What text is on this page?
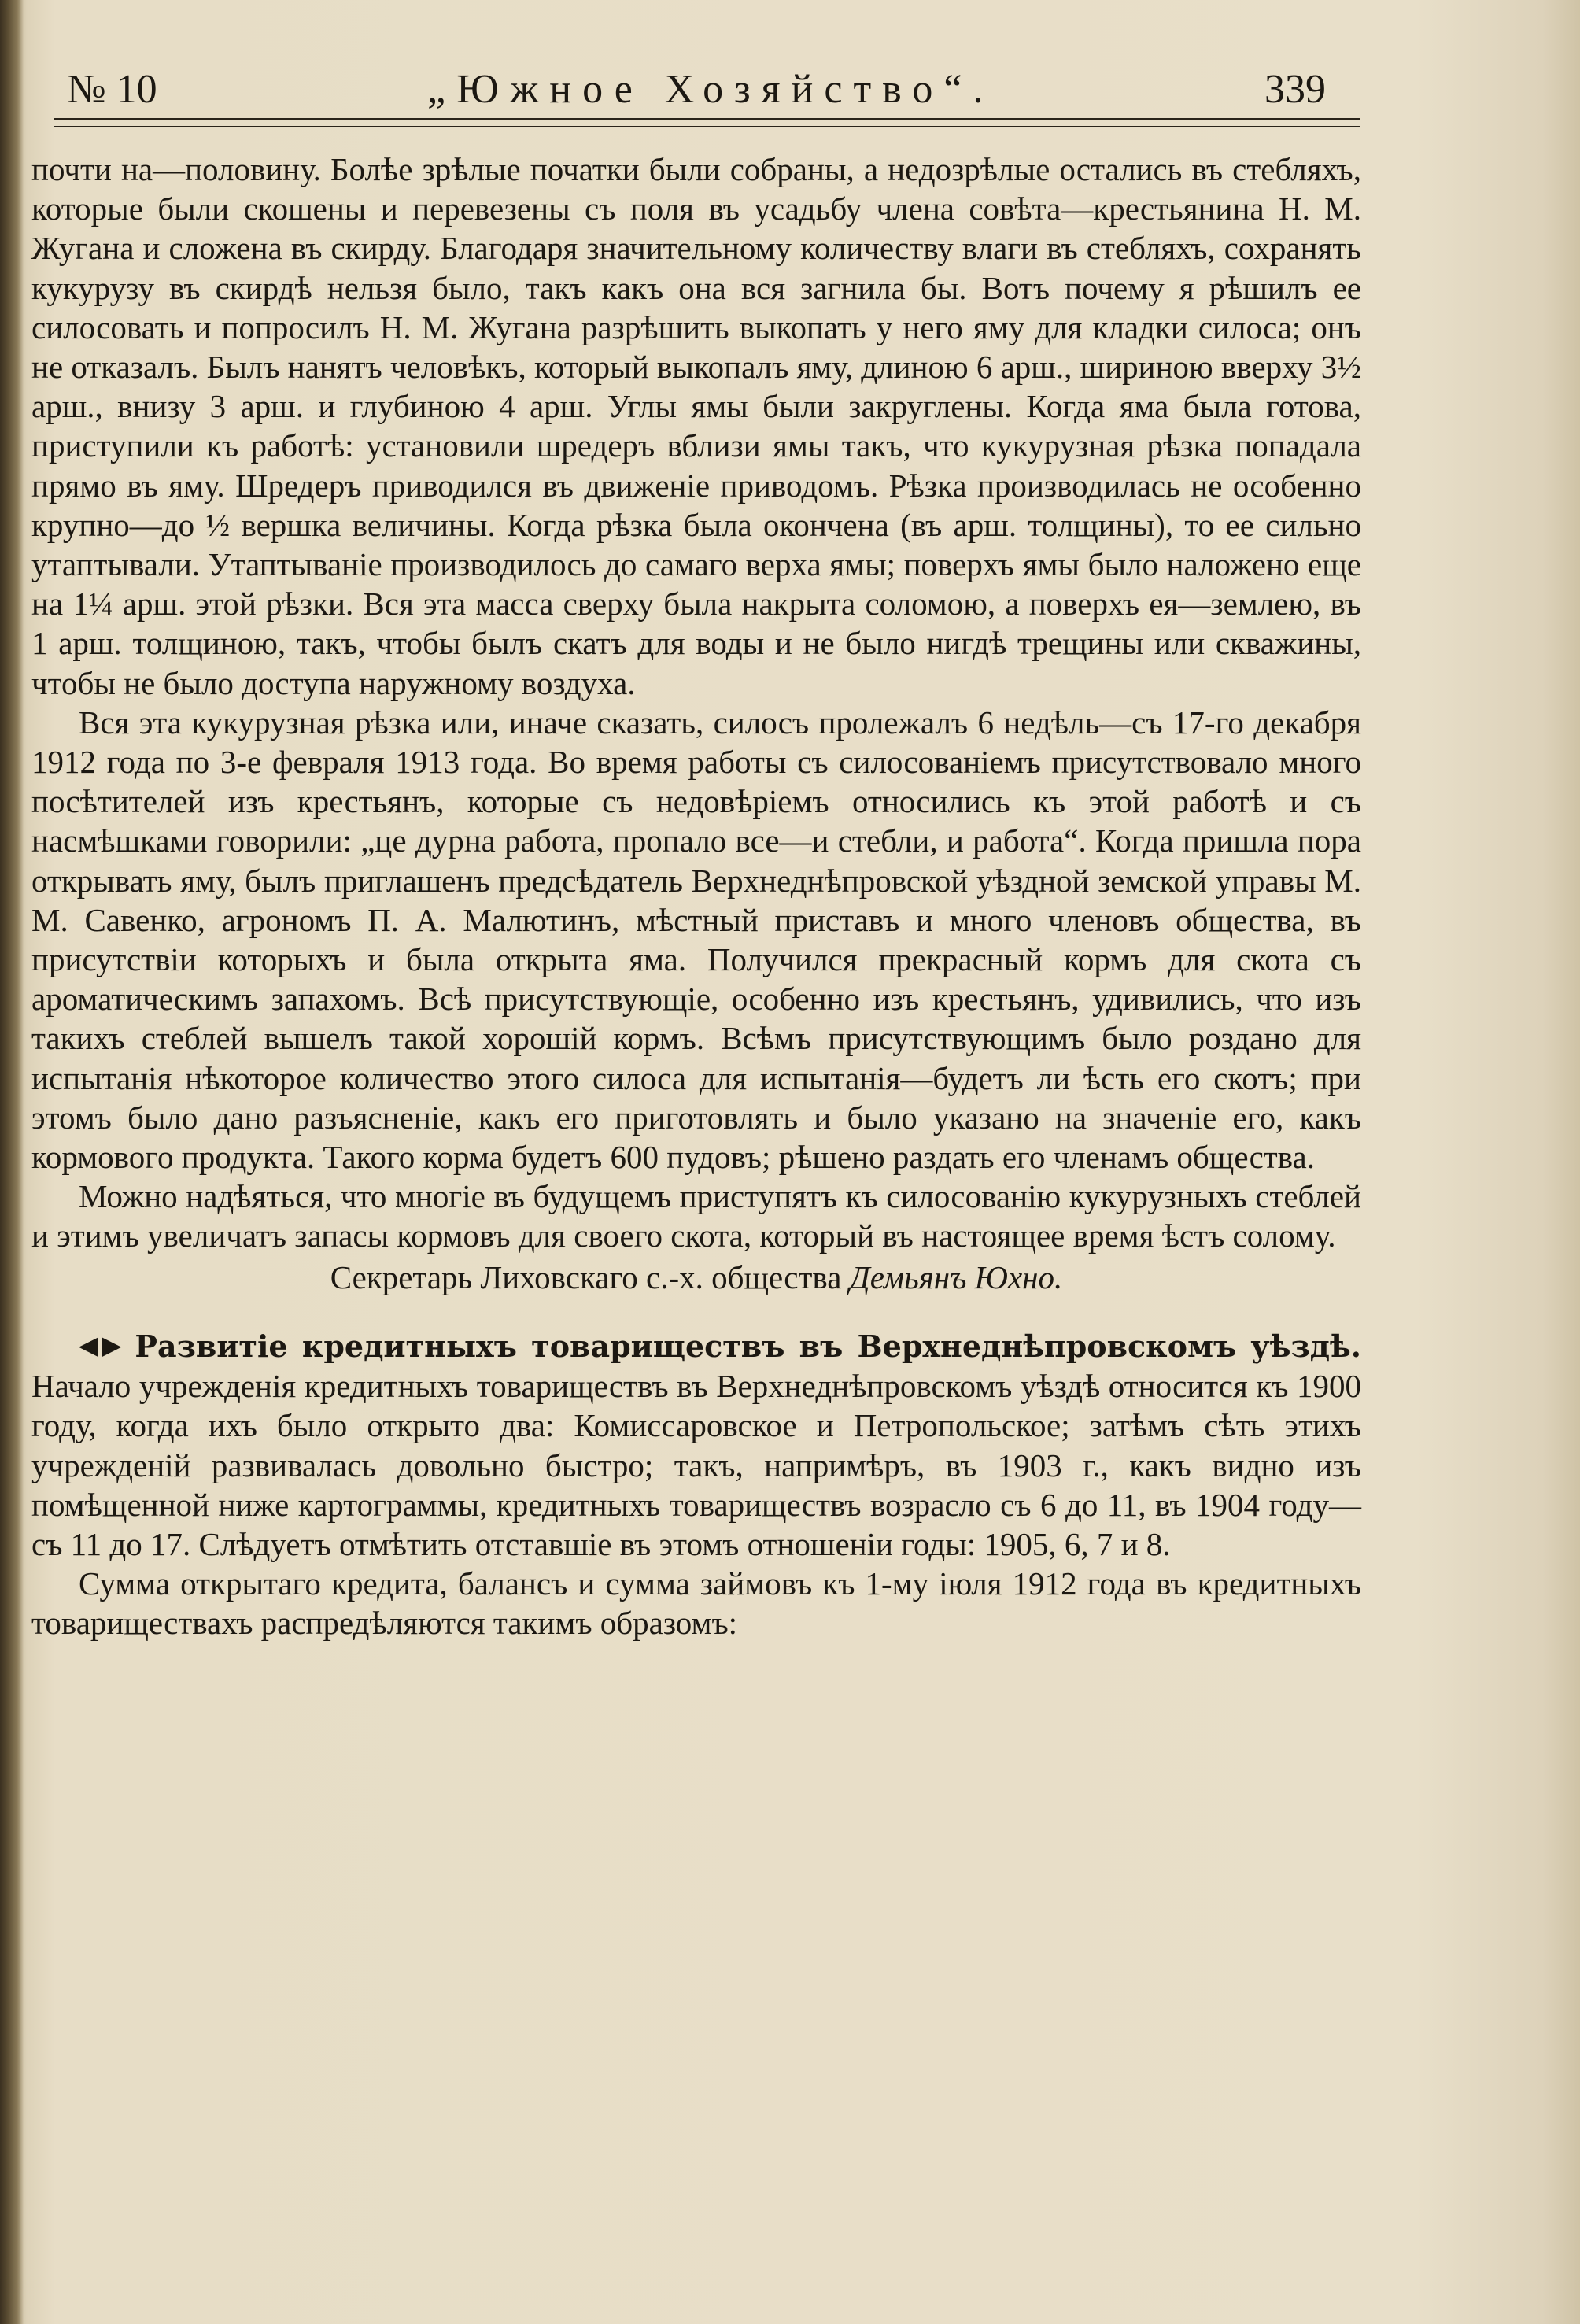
№ 10	„Южное Хозяйство“.	339

почти на—половину. Болѣе зрѣлые початки были собраны, а недозрѣлые остались въ стебляхъ, которые были скошены и перевезены съ поля въ усадьбу члена совѣта—крестьянина Н. М. Жугана и сложена въ скирду. Благодаря значительному количеству влаги въ стебляхъ, сохранять кукурузу въ скирдѣ нельзя было, такъ какъ она вся загнила бы. Вотъ почему я рѣшилъ ее силосовать и попросилъ Н. М. Жугана разрѣшить выкопать у него яму для кладки силоса; онъ не отказалъ. Былъ нанятъ человѣкъ, который выкопалъ яму, длиною 6 арш., шириною вверху 3½ арш., внизу 3 арш. и глубиною 4 арш. Углы ямы были закруглены. Когда яма была готова, приступили къ работѣ: установили шредеръ вблизи ямы такъ, что кукурузная рѣзка попадала прямо въ яму. Шредеръ приводился въ движенiе приводомъ. Рѣзка производилась не особенно крупно—до ½ вершка величины. Когда рѣзка была окончена (въ арш. толщины), то ее сильно утаптывали. Утаптыванiе производилось до самаго верха ямы; поверхъ ямы было наложено еще на 1¼ арш. этой рѣзки. Вся эта масса сверху была накрыта соломою, а поверхъ ея—землею, въ 1 арш. толщиною, такъ, чтобы былъ скатъ для воды и не было нигдѣ трещины или скважины, чтобы не было доступа наружному воздуха.

Вся эта кукурузная рѣзка или, иначе сказать, силосъ пролежалъ 6 недѣль—съ 17-го декабря 1912 года по 3-е февраля 1913 года. Во время работы съ силосованiемъ присутствовало много посѣтителей изъ крестьянъ, которые съ недовѣрiемъ относились къ этой работѣ и съ насмѣшками говорили: „це дурна работа, пропало все—и стебли, и работа“. Когда пришла пора открывать яму, былъ приглашенъ предсѣдатель Верхнеднѣпровской уѣздной земской управы М. М. Савенко, агрономъ П. А. Малютинъ, мѣстный приставъ и много членовъ общества, въ присутствiи которыхъ и была открыта яма. Получился прекрасный кормъ для скота съ ароматическимъ запахомъ. Всѣ присутствующiе, особенно изъ крестьянъ, удивились, что изъ такихъ стеблей вышелъ такой хорошiй кормъ. Всѣмъ присутствующимъ было роздано для испытанiя нѣкоторое количество этого силоса для испытанiя—будетъ ли ѣсть его скотъ; при этомъ было дано разъясненiе, какъ его приготовлять и было указано на значенiе его, какъ кормового продукта. Такого корма будетъ 600 пудовъ; рѣшено раздать его членамъ общества.

Можно надѣяться, что многiе въ будущемъ приступятъ къ силосованiю кукурузныхъ стеблей и этимъ увеличатъ запасы кормовъ для своего скота, который въ настоящее время ѣстъ солому.

Секретарь Лиховскаго с.-х. общества Демьянъ Юхно.

◀▶ Развитiе кредитныхъ товариществъ въ Верхнеднѣпровскомъ уѣздѣ. Начало учрежденiя кредитныхъ товариществъ въ Верхнеднѣпровскомъ уѣздѣ относится къ 1900 году, когда ихъ было открыто два: Комиссаровское и Петропольское; затѣмъ сѣть этихъ учрежденiй развивалась довольно быстро; такъ, напримѣръ, въ 1903 г., какъ видно изъ помѣщенной ниже картограммы, кредитныхъ товариществъ возрасло съ 6 до 11, въ 1904 году—съ 11 до 17. Слѣдуетъ отмѣтить отставшiе въ этомъ отношенiи годы: 1905, 6, 7 и 8.

Сумма открытаго кредита, балансъ и сумма займовъ къ 1-му iюля 1912 года въ кредитныхъ товариществахъ распредѣляются такимъ образомъ:
